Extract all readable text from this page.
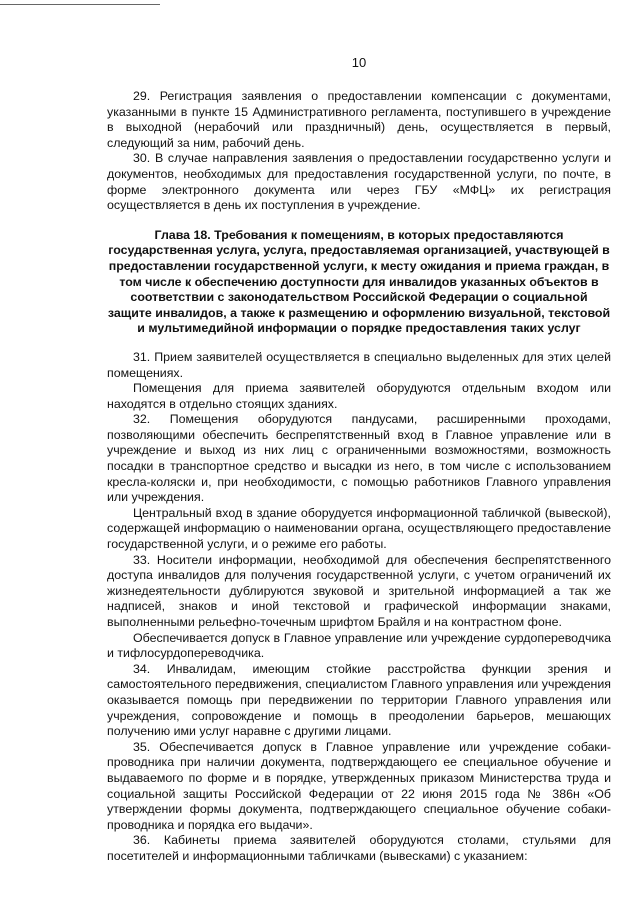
10

29. Регистрация заявления о предоставлении компенсации с документами, указанными в пункте 15 Административного регламента, поступившего в учреждение в выходной (нерабочий или праздничный) день, осуществляется в первый, следующий за ним, рабочий день.

30. В случае направления заявления о предоставлении государственно услуги и документов, необходимых для предоставления государственной услуги, по почте, в форме электронного документа или через ГБУ «МФЦ» их регистрация осуществляется в день их поступления в учреждение.

Глава 18. Требования к помещениям, в которых предоставляются государственная услуга, услуга, предоставляемая организацией, участвующей в предоставлении государственной услуги, к месту ожидания и приема граждан, в том числе к обеспечению доступности для инвалидов указанных объектов в соответствии с законодательством Российской Федерации о социальной защите инвалидов, а также к размещению и оформлению визуальной, текстовой и мультимедийной информации о порядке предоставления таких услуг

31. Прием заявителей осуществляется в специально выделенных для этих целей помещениях.

Помещения для приема заявителей оборудуются отдельным входом или находятся в отдельно стоящих зданиях.

32. Помещения оборудуются пандусами, расширенными проходами, позволяющими обеспечить беспрепятственный вход в Главное управление или в учреждение и выход из них лиц с ограниченными возможностями, возможность посадки в транспортное средство и высадки из него, в том числе с использованием кресла-коляски и, при необходимости, с помощью работников Главного управления или учреждения.

Центральный вход в здание оборудуется информационной табличкой (вывеской), содержащей информацию о наименовании органа, осуществляющего предоставление государственной услуги, и о режиме его работы.

33. Носители информации, необходимой для обеспечения беспрепятственного доступа инвалидов для получения государственной услуги, с учетом ограничений их жизнедеятельности дублируются звуковой и зрительной информацией а так же надписей, знаков и иной текстовой и графической информации знаками, выполненными рельефно-точечным шрифтом Брайля и на контрастном фоне.

Обеспечивается допуск в Главное управление или учреждение сурдопереводчика и тифлосурдопереводчика.

34. Инвалидам, имеющим стойкие расстройства функции зрения и самостоятельного передвижения, специалистом Главного управления или учреждения оказывается помощь при передвижении по территории Главного управления или учреждения, сопровождение и помощь в преодолении барьеров, мешающих получению ими услуг наравне с другими лицами.

35. Обеспечивается допуск в Главное управление или учреждение собаки-проводника при наличии документа, подтверждающего ее специальное обучение и выдаваемого по форме и в порядке, утвержденных приказом Министерства труда и социальной защиты Российской Федерации от 22 июня 2015 года № 386н «Об утверждении формы документа, подтверждающего специальное обучение собаки-проводника и порядка его выдачи».

36. Кабинеты приема заявителей оборудуются столами, стульями для посетителей и информационными табличками (вывесками) с указанием:
